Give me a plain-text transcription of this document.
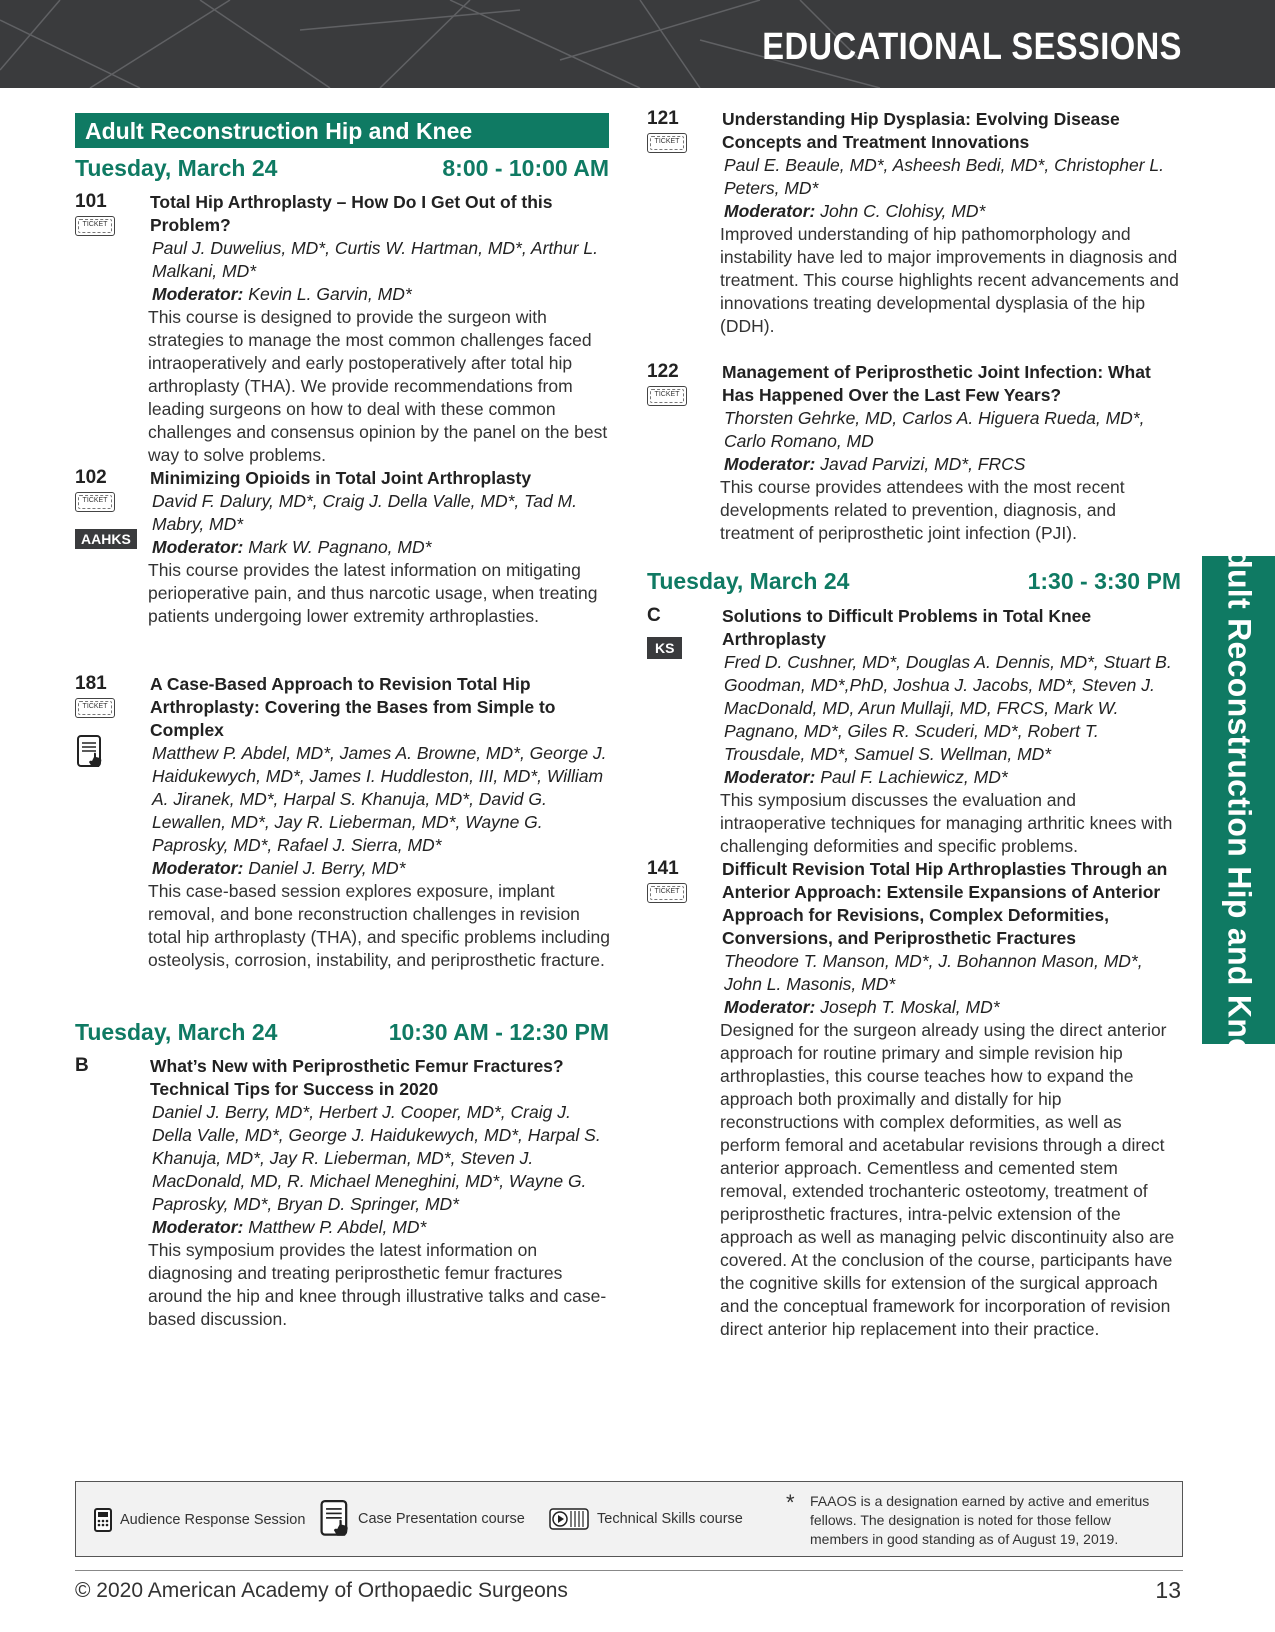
EDUCATIONAL SESSIONS
Adult Reconstruction Hip and Knee
Adult Reconstruction Hip and Knee
Tuesday, March 24	8:00 - 10:00 AM
101
TICKET
Total Hip Arthroplasty – How Do I Get Out of this Problem?
Paul J. Duwelius, MD*, Curtis W. Hartman, MD*, Arthur L. Malkani, MD*
Moderator: Kevin L. Garvin, MD*
This course is designed to provide the surgeon with strategies to manage the most common challenges faced intraoperatively and early postoperatively after total hip arthroplasty (THA). We provide recommendations from leading surgeons on how to deal with these common challenges and consensus opinion by the panel on the best way to solve problems.
102
TICKET
AAHKS
Minimizing Opioids in Total Joint Arthroplasty
David F. Dalury, MD*, Craig J. Della Valle, MD*, Tad M. Mabry, MD*
Moderator: Mark W. Pagnano, MD*
This course provides the latest information on mitigating perioperative pain, and thus narcotic usage, when treating patients undergoing lower extremity arthroplasties.
181
TICKET
A Case-Based Approach to Revision Total Hip Arthroplasty: Covering the Bases from Simple to Complex
Matthew P. Abdel, MD*, James A. Browne, MD*, George J. Haidukewych, MD*, James I. Huddleston, III, MD*, William A. Jiranek, MD*, Harpal S. Khanuja, MD*, David G. Lewallen, MD*, Jay R. Lieberman, MD*, Wayne G. Paprosky, MD*, Rafael J. Sierra, MD*
Moderator: Daniel J. Berry, MD*
This case-based session explores exposure, implant removal, and bone reconstruction challenges in revision total hip arthroplasty (THA), and specific problems including osteolysis, corrosion, instability, and periprosthetic fracture.
Tuesday, March 24	10:30 AM - 12:30 PM
B	What’s New with Periprosthetic Femur Fractures? Technical Tips for Success in 2020
Daniel J. Berry, MD*, Herbert J. Cooper, MD*, Craig J. Della Valle, MD*, George J. Haidukewych, MD*, Harpal S. Khanuja, MD*, Jay R. Lieberman, MD*, Steven J. MacDonald, MD, R. Michael Meneghini, MD*, Wayne G. Paprosky, MD*, Bryan D. Springer, MD*
Moderator: Matthew P. Abdel, MD*
This symposium provides the latest information on diagnosing and treating periprosthetic femur fractures around the hip and knee through illustrative talks and case-based discussion.
121
TICKET
Understanding Hip Dysplasia: Evolving Disease Concepts and Treatment Innovations
Paul E. Beaule, MD*, Asheesh Bedi, MD*, Christopher L. Peters, MD*
Moderator: John C. Clohisy, MD*
Improved understanding of hip pathomorphology and instability have led to major improvements in diagnosis and treatment. This course highlights recent advancements and innovations treating developmental dysplasia of the hip (DDH).
122
TICKET
Management of Periprosthetic Joint Infection: What Has Happened Over the Last Few Years?
Thorsten Gehrke, MD, Carlos A. Higuera Rueda, MD*, Carlo Romano, MD
Moderator: Javad Parvizi, MD*, FRCS
This course provides attendees with the most recent developments related to prevention, diagnosis, and treatment of periprosthetic joint infection (PJI).
Tuesday, March 24	1:30 - 3:30 PM
C
KS
Solutions to Difficult Problems in Total Knee Arthroplasty
Fred D. Cushner, MD*, Douglas A. Dennis, MD*, Stuart B. Goodman, MD*,PhD, Joshua J. Jacobs, MD*, Steven J. MacDonald, MD, Arun Mullaji, MD, FRCS, Mark W. Pagnano, MD*, Giles R. Scuderi, MD*, Robert T. Trousdale, MD*, Samuel S. Wellman, MD*
Moderator: Paul F. Lachiewicz, MD*
This symposium discusses the evaluation and intraoperative techniques for managing arthritic knees with challenging deformities and specific problems.
141
TICKET
Difficult Revision Total Hip Arthroplasties Through an Anterior Approach: Extensile Expansions of Anterior Approach for Revisions, Complex Deformities, Conversions, and Periprosthetic Fractures
Theodore T. Manson, MD*, J. Bohannon Mason, MD*, John L. Masonis, MD*
Moderator: Joseph T. Moskal, MD*
Designed for the surgeon already using the direct anterior approach for routine primary and simple revision hip arthroplasties, this course teaches how to expand the approach both proximally and distally for hip reconstructions with complex deformities, as well as perform femoral and acetabular revisions through a direct anterior approach. Cementless and cemented stem removal, extended trochanteric osteotomy, treatment of periprosthetic fractures, intra-pelvic extension of the approach as well as managing pelvic discontinuity also are covered. At the conclusion of the course, participants have the cognitive skills for extension of the surgical approach and the conceptual framework for incorporation of revision direct anterior hip replacement into their practice.
Audience Response Session	Case Presentation course	Technical Skills course
* FAAOS is a designation earned by active and emeritus fellows. The designation is noted for those fellow members in good standing as of August 19, 2019.
© 2020 American Academy of Orthopaedic Surgeons	13
